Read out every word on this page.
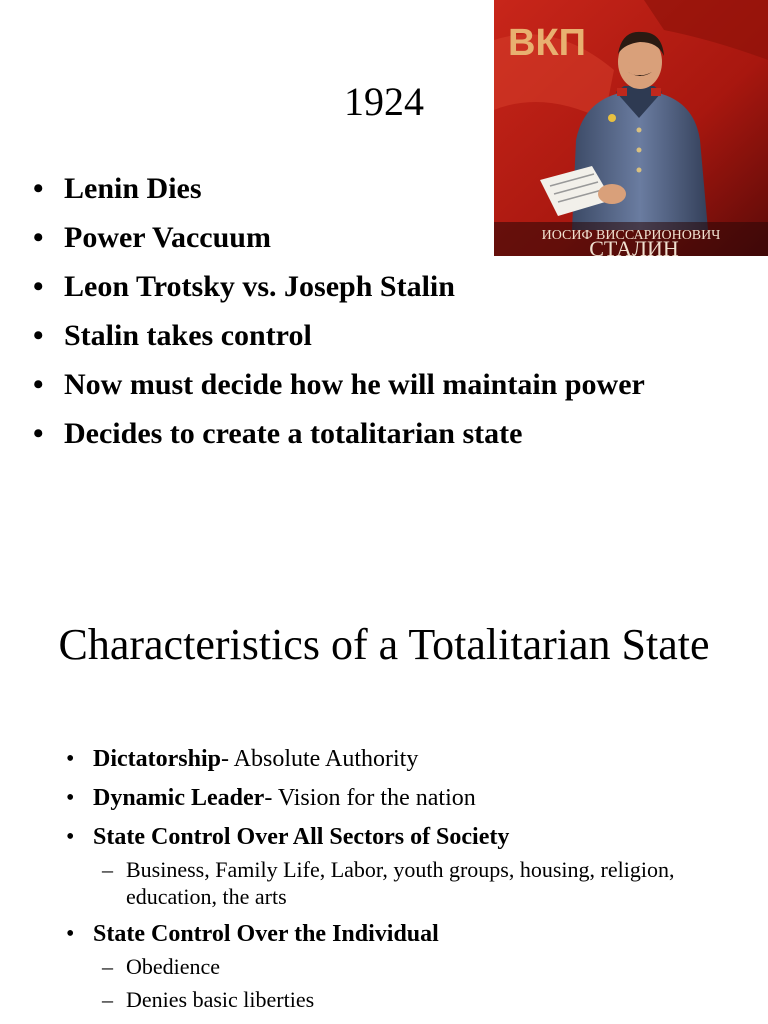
1924
ВКП
ИОСИФ ВИССАРИОНОВИЧ
СТАЛИН
• Lenin Dies
• Power Vaccuum
• Leon Trotsky vs. Joseph Stalin
• Stalin takes control
• Now must decide how he will maintain power
• Decides to create a totalitarian state
Characteristics of a Totalitarian State
• Dictatorship- Absolute Authority
• Dynamic Leader- Vision for the nation
• State Control Over All Sectors of Society
– Business, Family Life, Labor, youth groups, housing, religion, education, the arts
• State Control Over the Individual
– Obedience
– Denies basic liberties
